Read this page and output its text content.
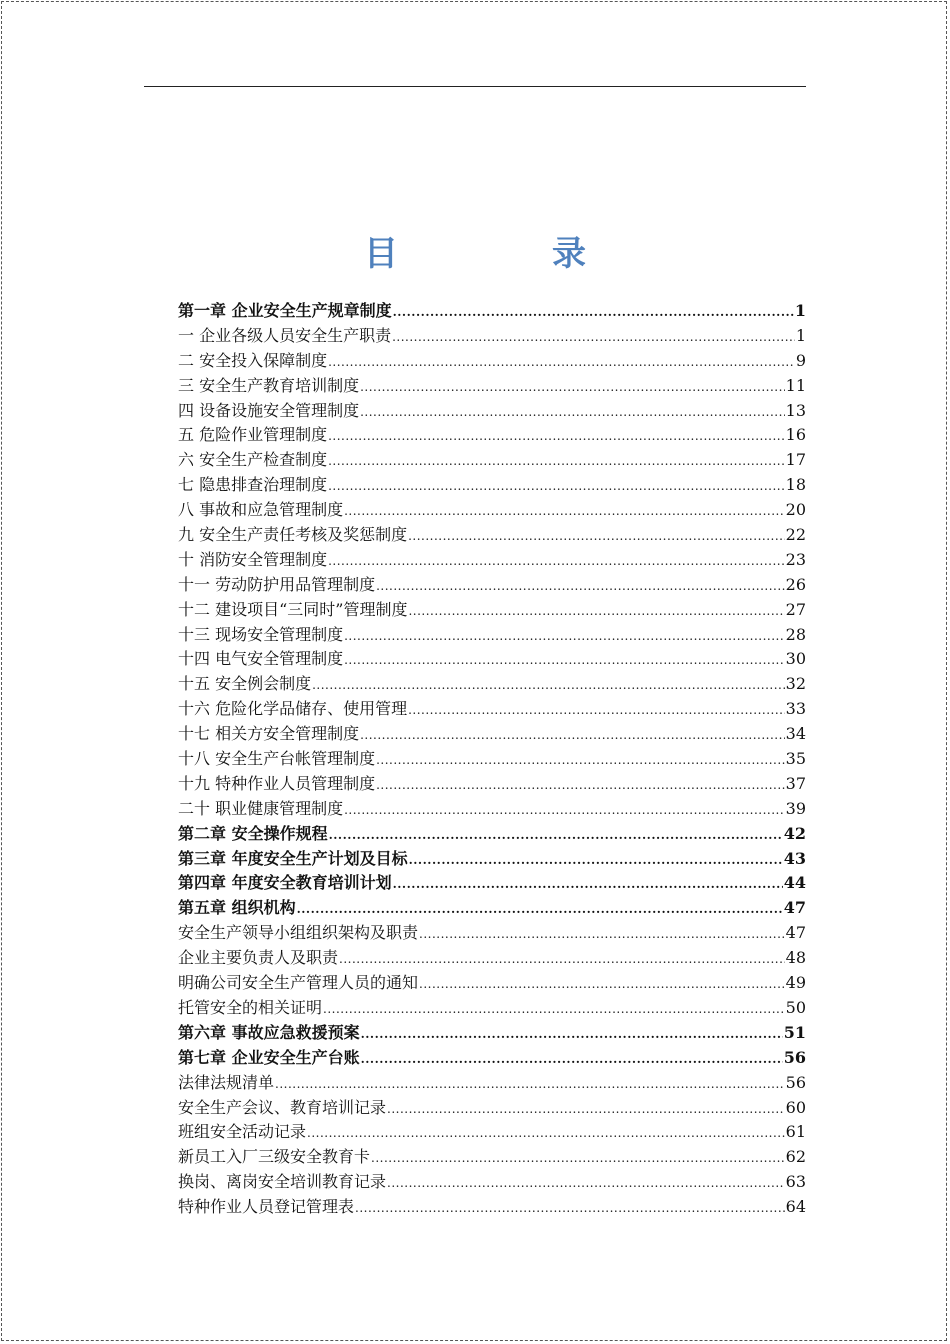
目　录
第一章 企业安全生产规章制度 .....	1
一 企业各级人员安全生产职责 .....	1
二 安全投入保障制度 .....	9
三 安全生产教育培训制度 .....	11
四 设备设施安全管理制度 .....	13
五 危险作业管理制度 .....	16
六 安全生产检查制度 .....	17
七 隐患排查治理制度 .....	18
八 事故和应急管理制度 .....	20
九 安全生产责任考核及奖惩制度 .....	22
十 消防安全管理制度 .....	23
十一 劳动防护用品管理制度 .....	26
十二 建设项目“三同时”管理制度 .....	27
十三 现场安全管理制度 .....	28
十四 电气安全管理制度 .....	30
十五 安全例会制度 .....	32
十六 危险化学品储存、使用管理 .....	33
十七 相关方安全管理制度 .....	34
十八 安全生产台帐管理制度 .....	35
十九 特种作业人员管理制度 .....	37
二十 职业健康管理制度 .....	39
第二章 安全操作规程 .....	42
第三章 年度安全生产计划及目标 .....	43
第四章 年度安全教育培训计划 .....	44
第五章 组织机构 .....	47
安全生产领导小组组织架构及职责 .....	47
企业主要负责人及职责 .....	48
明确公司安全生产管理人员的通知 .....	49
托管安全的相关证明 .....	50
第六章 事故应急救援预案 .....	51
第七章 企业安全生产台账 .....	56
法律法规清单 .....	56
安全生产会议、教育培训记录 .....	60
班组安全活动记录 .....	61
新员工入厂三级安全教育卡 .....	62
换岗、离岗安全培训教育记录 .....	63
特种作业人员登记管理表 .....	64
